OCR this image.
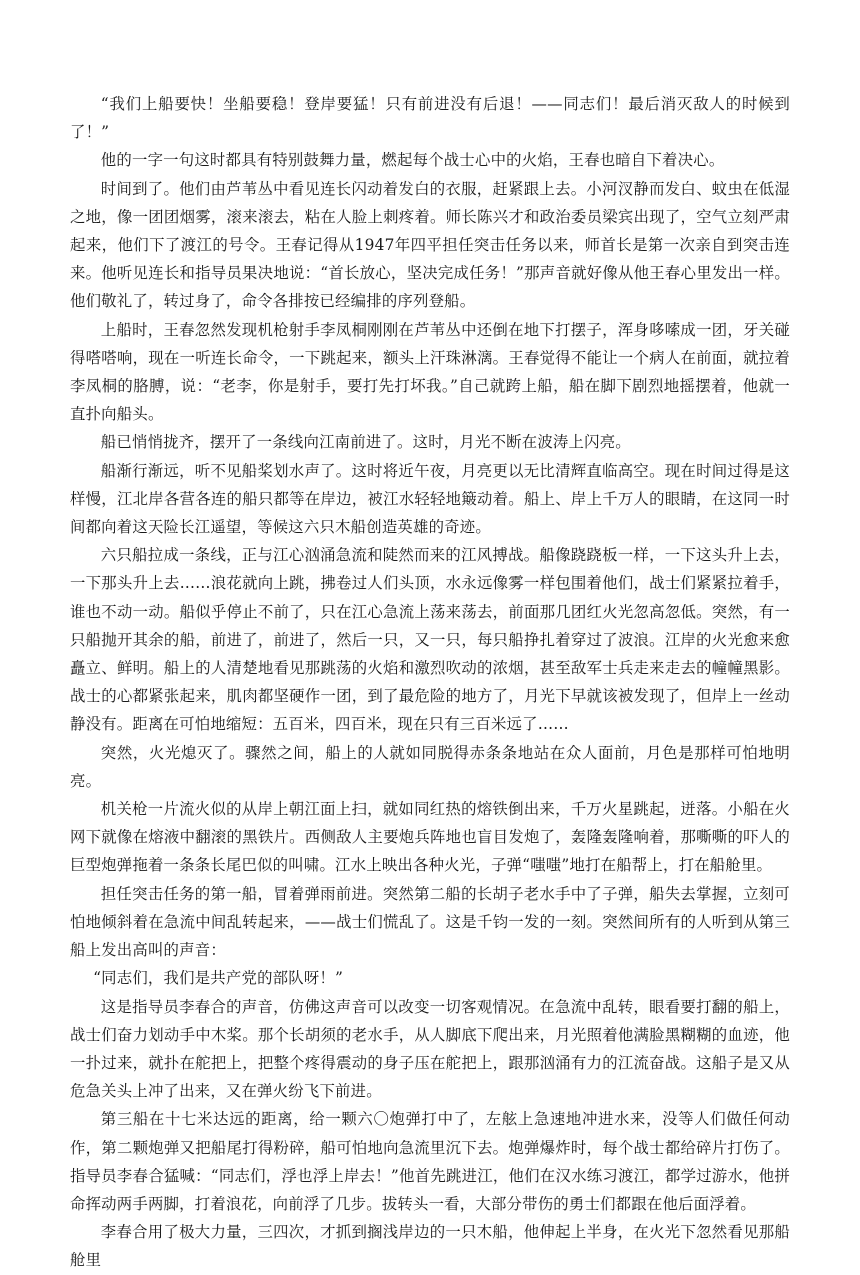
“我们上船要快！坐船要稳！登岸要猛！只有前进没有后退！——同志们！最后消灭敌人的时候到了！”

他的一字一句这时都具有特别鼓舞力量，燃起每个战士心中的火焰，王春也暗自下着决心。

时间到了。他们由芦苇丛中看见连长闪动着发白的衣服，赶紧跟上去。小河汊静而发白、蚊虫在低湿之地，像一团团烟雾，滚来滚去，粘在人脸上刺疼着。师长陈兴才和政治委员梁宾出现了，空气立刻严肃起来，他们下了渡江的号令。王春记得从1947年四平担任突击任务以来，师首长是第一次亲自到突击连来。他听见连长和指导员果决地说：“首长放心，坚决完成任务！”那声音就好像从他王春心里发出一样。他们敬礼了，转过身了，命令各排按已经编排的序列登船。

上船时，王春忽然发现机枪射手李凤桐刚刚在芦苇丛中还倒在地下打摆子，浑身哆嗦成一团，牙关碰得嗒嗒响，现在一听连长命令，一下跳起来，额头上汗珠淋漓。王春觉得不能让一个病人在前面，就拉着李凤桐的胳膊，说：“老李，你是射手，要打先打坏我。”自己就跨上船，船在脚下剧烈地摇摆着，他就一直扑向船头。

船已悄悄拢齐，摆开了一条线向江南前进了。这时，月光不断在波涛上闪亮。

船渐行渐远，听不见船桨划水声了。这时将近午夜，月亮更以无比清辉直临高空。现在时间过得是这样慢，江北岸各营各连的船只都等在岸边，被江水轻轻地簸动着。船上、岸上千万人的眼睛，在这同一时间都向着这天险长江遥望，等候这六只木船创造英雄的奇迹。

六只船拉成一条线，正与江心汹涌急流和陡然而来的江风搏战。船像跷跷板一样，一下这头升上去，一下那头升上去……浪花就向上跳，拂卷过人们头顶，水永远像雾一样包围着他们，战士们紧紧拉着手，谁也不动一动。船似乎停止不前了，只在江心急流上荡来荡去，前面那几团红火光忽高忽低。突然，有一只船抛开其余的船，前进了，前进了，然后一只，又一只，每只船挣扎着穿过了波浪。江岸的火光愈来愈矗立、鲜明。船上的人清楚地看见那跳荡的火焰和激烈吹动的浓烟，甚至敌军士兵走来走去的幢幢黑影。战士的心都紧张起来，肌肉都坚硬作一团，到了最危险的地方了，月光下早就该被发现了，但岸上一丝动静没有。距离在可怕地缩短：五百米，四百米，现在只有三百米远了……

突然，火光熄灭了。骤然之间，船上的人就如同脱得赤条条地站在众人面前，月色是那样可怕地明亮。

机关枪一片流火似的从岸上朝江面上扫，就如同红热的熔铁倒出来，千万火星跳起，迸落。小船在火网下就像在熔液中翻滚的黑铁片。西侧敌人主要炮兵阵地也盲目发炮了，轰隆轰隆响着，那嘶嘶的吓人的巨型炮弹拖着一条条长尾巴似的叫啸。江水上映出各种火光，子弹“嗤嗤”地打在船帮上，打在船舱里。

担任突击任务的第一船，冒着弹雨前进。突然第二船的长胡子老水手中了子弹，船失去掌握，立刻可怕地倾斜着在急流中间乱转起来，——战士们慌乱了。这是千钧一发的一刻。突然间所有的人听到从第三船上发出高叫的声音：

“同志们，我们是共产党的部队呀！”

这是指导员李春合的声音，仿佛这声音可以改变一切客观情况。在急流中乱转，眼看要打翻的船上，战士们奋力划动手中木桨。那个长胡须的老水手，从人脚底下爬出来，月光照着他满脸黑糊糊的血迹，他一扑过来，就扑在舵把上，把整个疼得震动的身子压在舵把上，跟那汹涌有力的江流奋战。这船子是又从危急关头上冲了出来，又在弹火纷飞下前进。

第三船在十七米达远的距离，给一颗六〇炮弹打中了，左舷上急速地冲进水来，没等人们做任何动作，第二颗炮弹又把船尾打得粉碎，船可怕地向急流里沉下去。炮弹爆炸时，每个战士都给碎片打伤了。指导员李春合猛喊：“同志们，浮也浮上岸去！”他首先跳进江，他们在汉水练习渡江，都学过游水，他拼命挥动两手两脚，打着浪花，向前浮了几步。拔转头一看，大部分带伤的勇士们都跟在他后面浮着。

李春合用了极大力量，三四次，才抓到搁浅岸边的一只木船，他伸起上半身，在火光下忽然看见那船舱里
